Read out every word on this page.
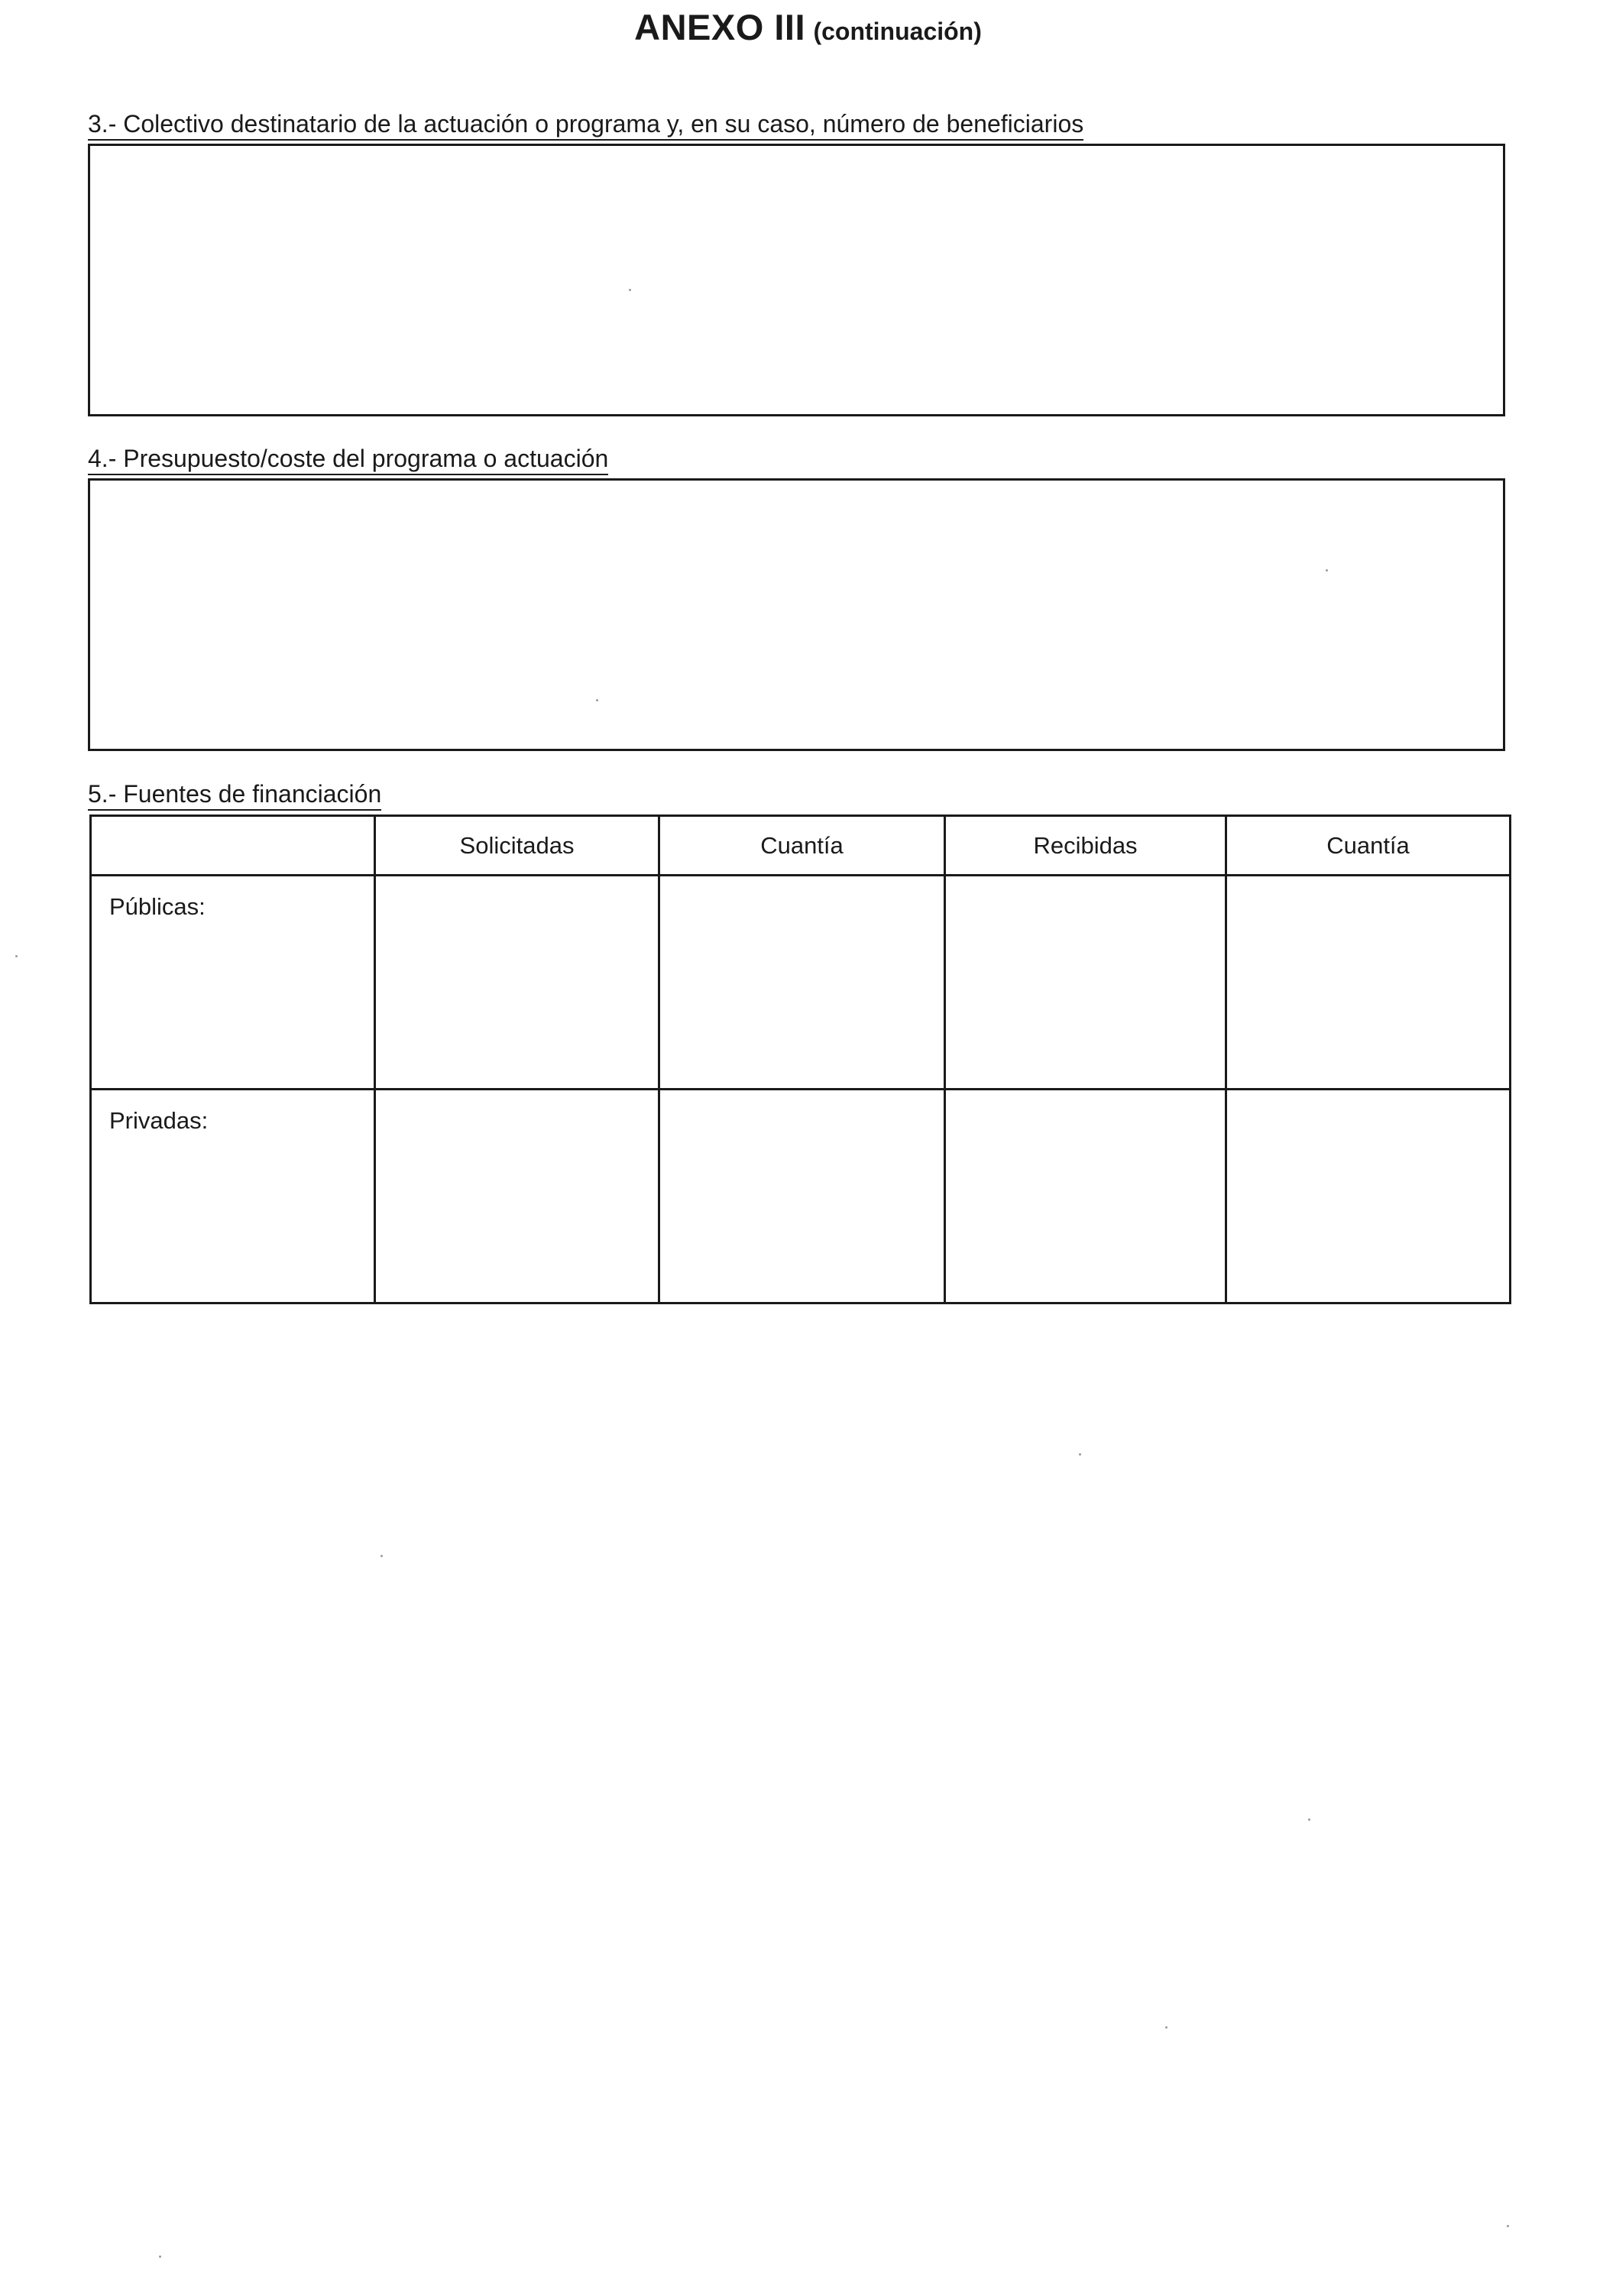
ANEXO III (continuación)
3.- Colectivo destinatario de la actuación o programa y, en su caso, número de beneficiarios
4.- Presupuesto/coste del programa o actuación
5.- Fuentes de financiación
	Solicitadas	Cuantía	Recibidas	Cuantía
Públicas:				
Privadas:				
